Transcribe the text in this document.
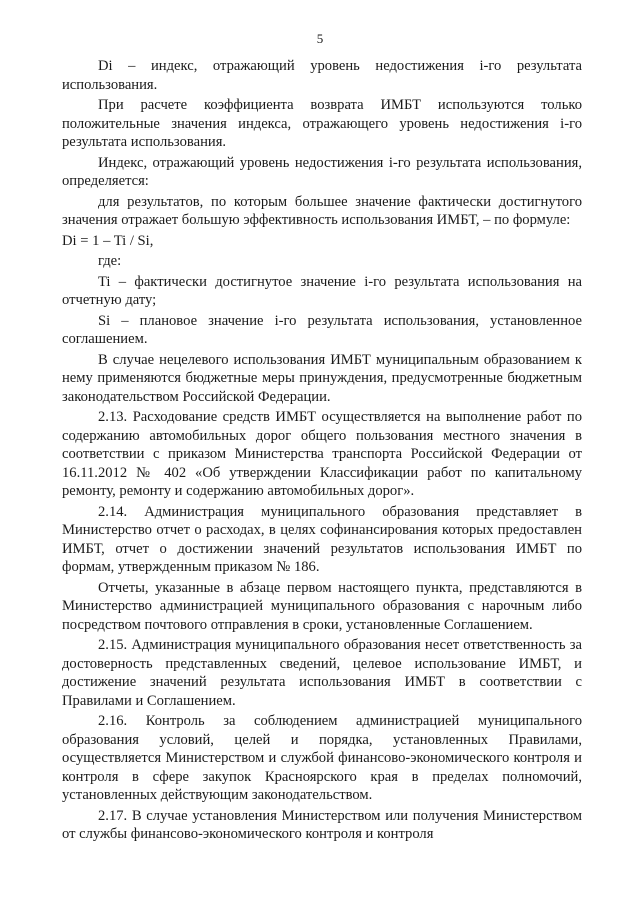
5

Di – индекс, отражающий уровень недостижения i-го результата использования.

При расчете коэффициента возврата ИМБТ используются только положительные значения индекса, отражающего уровень недостижения i-го результата использования.

Индекс, отражающий уровень недостижения i-го результата использования, определяется:

для результатов, по которым большее значение фактически достигнутого значения отражает большую эффективность использования ИМБТ, – по формуле:

Di = 1 – Ti / Si,

где:

Ti – фактически достигнутое значение i-го результата использования на отчетную дату;

Si – плановое значение i-го результата использования, установленное соглашением.

В случае нецелевого использования ИМБТ муниципальным образованием к нему применяются бюджетные меры принуждения, предусмотренные бюджетным законодательством Российской Федерации.

2.13. Расходование средств ИМБТ осуществляется на выполнение работ по содержанию автомобильных дорог общего пользования местного значения в соответствии с приказом Министерства транспорта Российской Федерации от 16.11.2012 № 402 «Об утверждении Классификации работ по капитальному ремонту, ремонту и содержанию автомобильных дорог».

2.14. Администрация муниципального образования представляет в Министерство отчет о расходах, в целях софинансирования которых предоставлен ИМБТ, отчет о достижении значений результатов использования ИМБТ по формам, утвержденным приказом № 186.

Отчеты, указанные в абзаце первом настоящего пункта, представляются в Министерство администрацией муниципального образования с нарочным либо посредством почтового отправления в сроки, установленные Соглашением.

2.15. Администрация муниципального образования несет ответственность за достоверность представленных сведений, целевое использование ИМБТ, и достижение значений результата использования ИМБТ в соответствии с Правилами и Соглашением.

2.16. Контроль за соблюдением администрацией муниципального образования условий, целей и порядка, установленных Правилами, осуществляется Министерством и службой финансово-экономического контроля и контроля в сфере закупок Красноярского края в пределах полномочий, установленных действующим законодательством.

2.17. В случае установления Министерством или получения Министерством от службы финансово-экономического контроля и контроля
